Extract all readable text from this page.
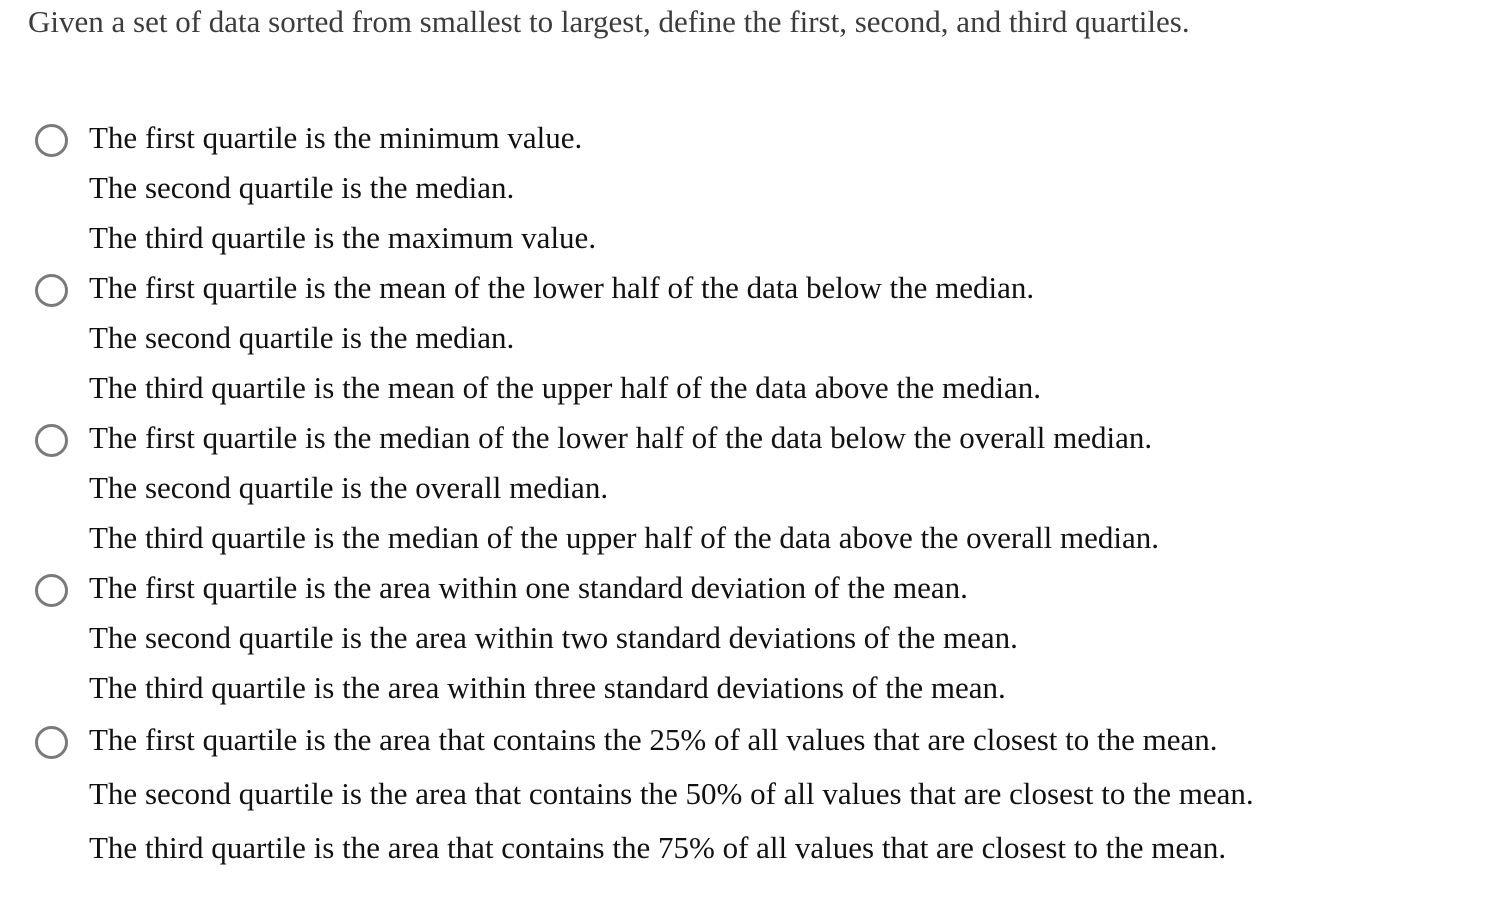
Given a set of data sorted from smallest to largest, define the first, second, and third quartiles.
The first quartile is the minimum value.
The second quartile is the median.
The third quartile is the maximum value.
The first quartile is the mean of the lower half of the data below the median.
The second quartile is the median.
The third quartile is the mean of the upper half of the data above the median.
The first quartile is the median of the lower half of the data below the overall median.
The second quartile is the overall median.
The third quartile is the median of the upper half of the data above the overall median.
The first quartile is the area within one standard deviation of the mean.
The second quartile is the area within two standard deviations of the mean.
The third quartile is the area within three standard deviations of the mean.
The first quartile is the area that contains the 25% of all values that are closest to the mean.
The second quartile is the area that contains the 50% of all values that are closest to the mean.
The third quartile is the area that contains the 75% of all values that are closest to the mean.
